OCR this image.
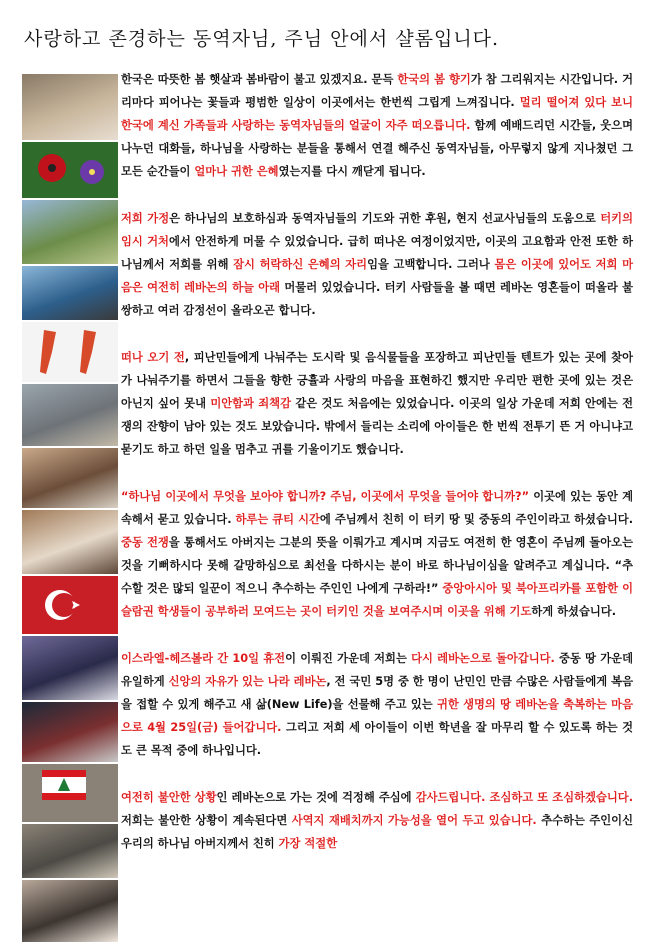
사랑하고 존경하는 동역자님, 주님 안에서 샬롬입니다.

한국은 따뜻한 봄 햇살과 봄바람이 불고 있겠지요. 문득 한국의 봄 향기가 참 그리워지는 시간입니다. 거리마다 피어나는 꽃들과 평범한 일상이 이곳에서는 한번씩 그립게 느껴집니다. 멀리 떨어져 있다 보니 한국에 계신 가족들과 사랑하는 동역자님들의 얼굴이 자주 떠오릅니다. 함께 예배드리던 시간들, 웃으며 나누던 대화들, 하나님을 사랑하는 분들을 통해서 연결 해주신 동역자님들, 아무렇지 않게 지나쳤던 그 모든 순간들이 얼마나 귀한 은혜였는지를 다시 깨닫게 됩니다.

저희 가정은 하나님의 보호하심과 동역자님들의 기도와 귀한 후원, 현지 선교사님들의 도움으로 터키의 임시 거처에서 안전하게 머물 수 있었습니다. 급히 떠나온 여정이었지만, 이곳의 고요함과 안전 또한 하나님께서 저희를 위해 잠시 허락하신 은혜의 자리임을 고백합니다. 그러나 몸은 이곳에 있어도 저희 마음은 여전히 레바논의 하늘 아래 머물러 있었습니다. 터키 사람들을 볼 때면 레바논 영혼들이 떠올라 불쌍하고 여러 감정선이 올라오곤 합니다.

떠나 오기 전, 피난민들에게 나눠주는 도시락 및 음식물들을 포장하고 피난민들 텐트가 있는 곳에 찾아가 나눠주기를 하면서 그들을 향한 긍휼과 사랑의 마음을 표현하긴 했지만 우리만 편한 곳에 있는 것은 아닌지 싶어 못내 미안함과 죄책감 같은 것도 처음에는 있었습니다. 이곳의 일상 가운데 저희 안에는 전쟁의 잔향이 남아 있는 것도 보았습니다. 밖에서 들리는 소리에 아이들은 한 번씩 전투기 뜬 거 아니냐고 묻기도 하고 하던 일을 멈추고 귀를 기울이기도 했습니다.

“하나님 이곳에서 무엇을 보아야 합니까? 주님, 이곳에서 무엇을 들어야 합니까?” 이곳에 있는 동안 계속해서 묻고 있습니다. 하루는 큐티 시간에 주님께서 친히 이 터키 땅 및 중동의 주인이라고 하셨습니다. 중동 전쟁을 통해서도 아버지는 그분의 뜻을 이뤄가고 계시며 지금도 여전히 한 영혼이 주님께 돌아오는 것을 기뻐하시다 못해 갈망하심으로 최선을 다하시는 분이 바로 하나님이심을 알려주고 계십니다. “추수할 것은 많되 일꾼이 적으니 추수하는 주인인 나에게 구하라!” 중앙아시아 및 북아프리카를 포함한 이슬람권 학생들이 공부하러 모여드는 곳이 터키인 것을 보여주시며 이곳을 위해 기도하게 하셨습니다.

이스라엘-헤즈볼라 간 10일 휴전이 이뤄진 가운데 저희는 다시 레바논으로 돌아갑니다. 중동 땅 가운데 유일하게 신앙의 자유가 있는 나라 레바논, 전 국민 5명 중 한 명이 난민인 만큼 수많은 사람들에게 복음을 접할 수 있게 해주고 새 삶(New Life)을 선물해 주고 있는 귀한 생명의 땅 레바논을 축복하는 마음으로 4월 25일(금) 들어갑니다. 그리고 저희 세 아이들이 이번 학년을 잘 마무리 할 수 있도록 하는 것도 큰 목적 중에 하나입니다.

여전히 불안한 상황인 레바논으로 가는 것에 걱정해 주심에 감사드립니다. 조심하고 또 조심하겠습니다. 저희는 불안한 상황이 계속된다면 사역지 재배치까지 가능성을 열어 두고 있습니다. 추수하는 주인이신 우리의 하나님 아버지께서 친히 가장 적절한
